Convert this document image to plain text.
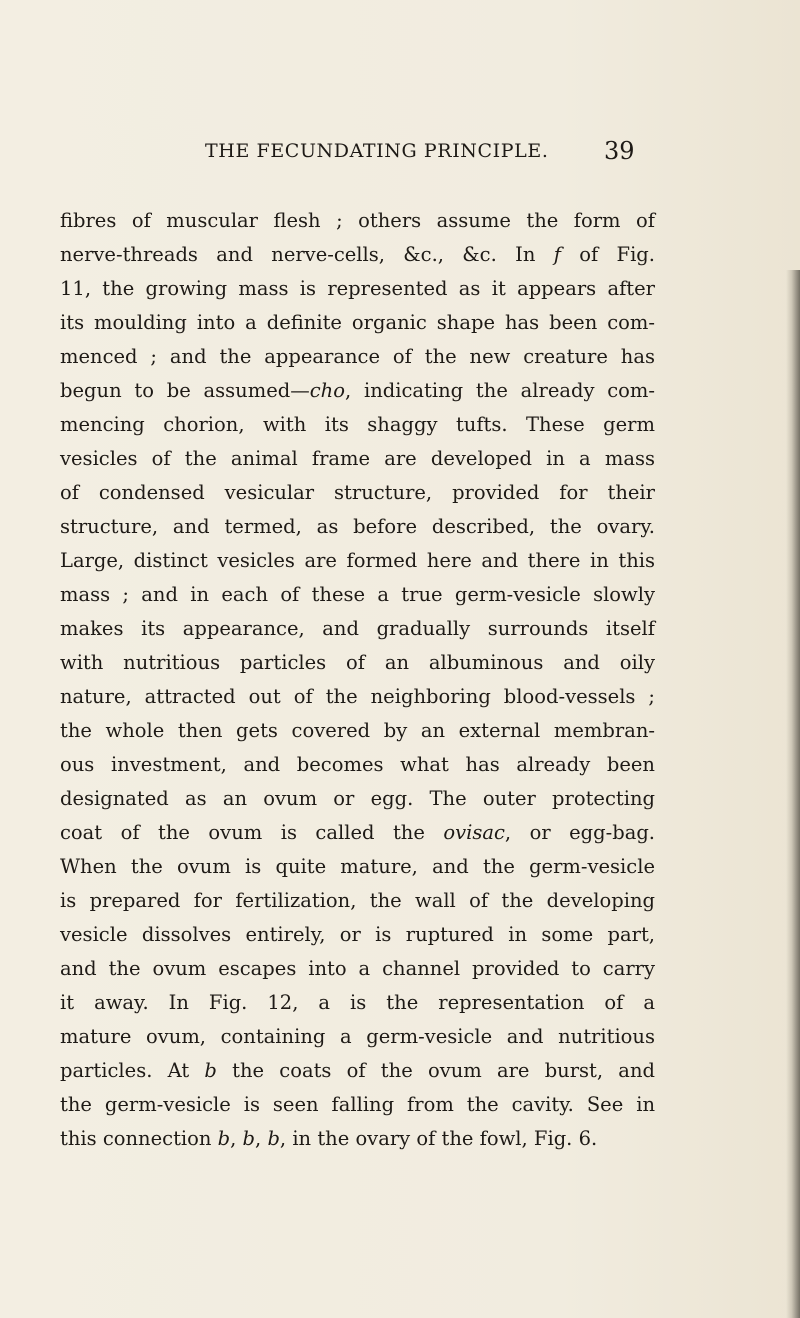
THE FECUNDATING PRINCIPLE. 39
fibres of muscular flesh ; others assume the form of
nerve-threads and nerve-cells, &c., &c. In f of Fig.
11, the growing mass is represented as it appears after
its moulding into a definite organic shape has been com-
menced ; and the appearance of the new creature has
begun to be assumed—cho, indicating the already com-
mencing chorion, with its shaggy tufts. These germ
vesicles of the animal frame are developed in a mass
of condensed vesicular structure, provided for their
structure, and termed, as before described, the ovary.
Large, distinct vesicles are formed here and there in this
mass ; and in each of these a true germ-vesicle slowly
makes its appearance, and gradually surrounds itself
with nutritious particles of an albuminous and oily
nature, attracted out of the neighboring blood-vessels ;
the whole then gets covered by an external membran-
ous investment, and becomes what has already been
designated as an ovum or egg. The outer protecting
coat of the ovum is called the ovisac, or egg-bag.
When the ovum is quite mature, and the germ-vesicle
is prepared for fertilization, the wall of the developing
vesicle dissolves entirely, or is ruptured in some part,
and the ovum escapes into a channel provided to carry
it away. In Fig. 12, a is the representation of a
mature ovum, containing a germ-vesicle and nutritious
particles. At b the coats of the ovum are burst, and
the germ-vesicle is seen falling from the cavity. See in
this connection b, b, b, in the ovary of the fowl, Fig. 6.
